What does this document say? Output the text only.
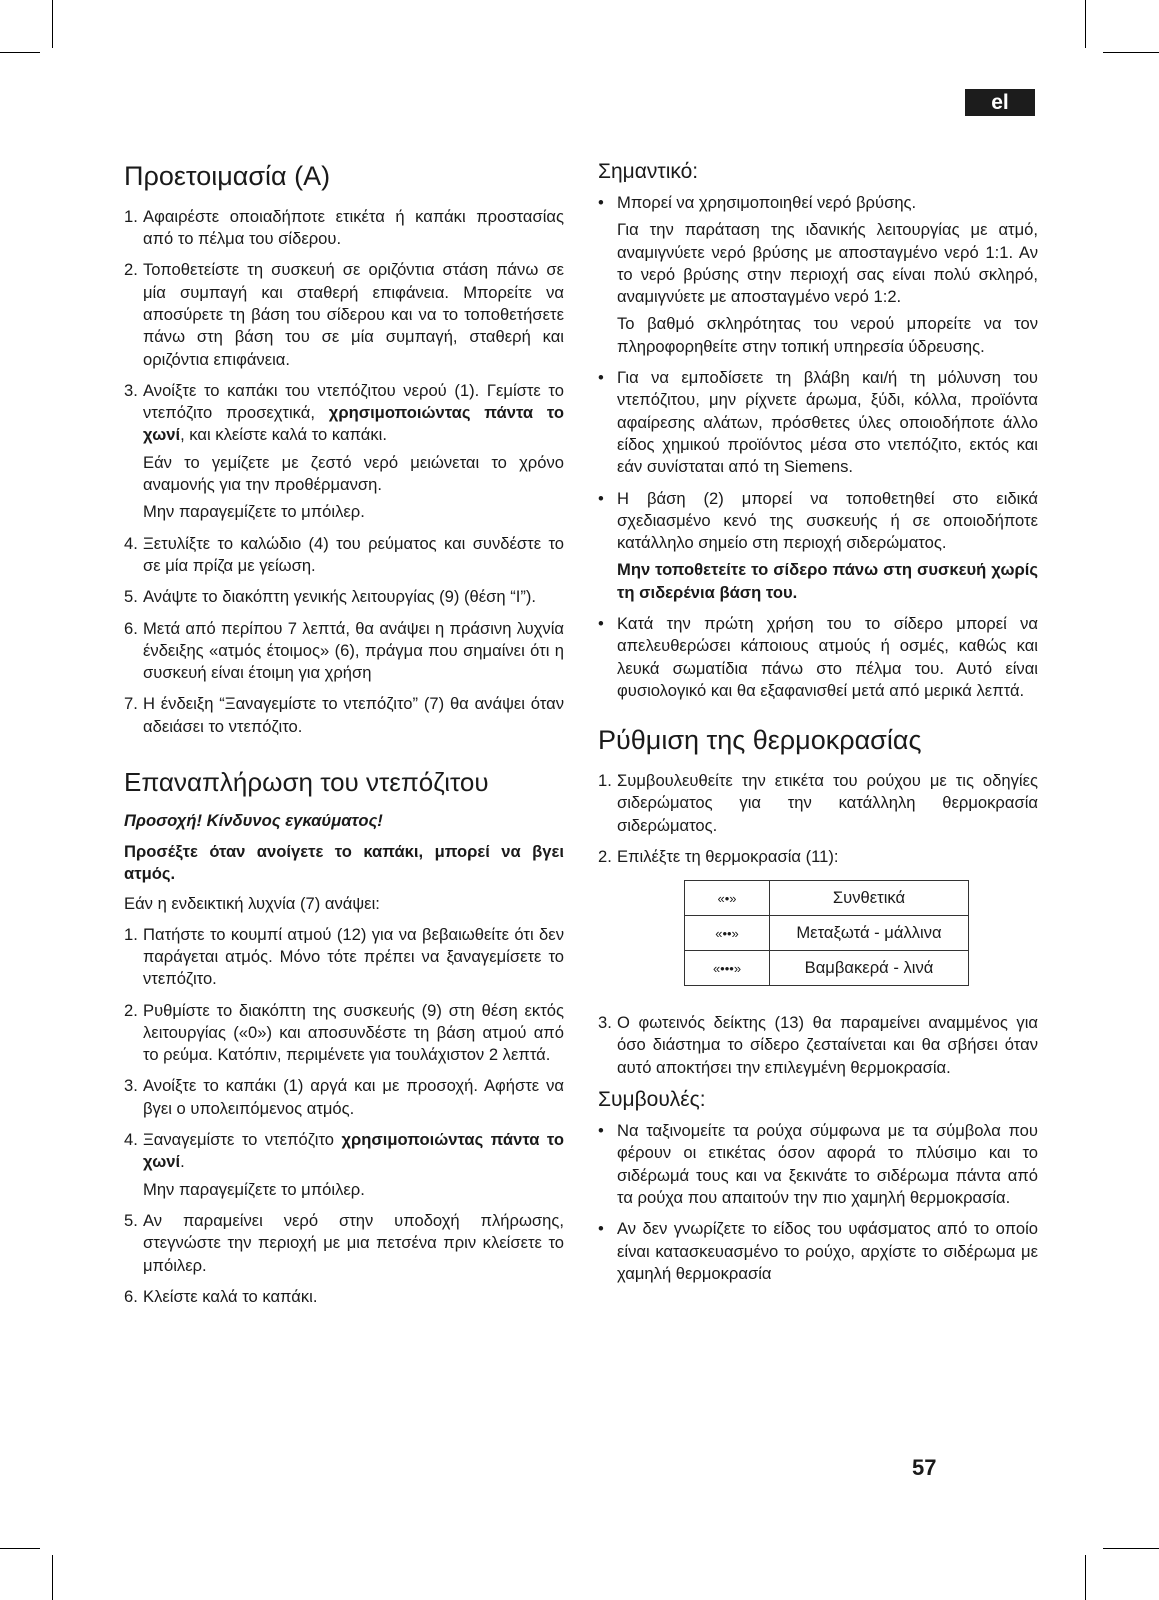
el
Προετοιμασία (A)
1. Αφαιρέστε οποιαδήποτε ετικέτα ή καπάκι προστασίας από το πέλμα του σίδερου.

2. Τοποθετείστε τη συσκευή σε οριζόντια στάση πάνω σε μία συμπαγή και σταθερή επιφάνεια. Μπορείτε να αποσύρετε τη βάση του σίδερου και να το τοποθετήσετε πάνω στη βάση του σε μία συμπαγή, σταθερή και οριζόντια επιφάνεια.

3. Ανοίξτε το καπάκι του ντεπόζιτου νερού (1). Γεμίστε το ντεπόζιτο προσεχτικά, χρησιμοποιώντας πάντα το χωνί, και κλείστε καλά το καπάκι.

Εάν το γεμίζετε με ζεστό νερό μειώνεται το χρόνο αναμονής για την προθέρμανση.

Μην παραγεμίζετε το μπόιλερ.

4. Ξετυλίξτε το καλώδιο (4) του ρεύματος και συνδέστε το σε μία πρίζα με γείωση.

5. Ανάψτε το διακόπτη γενικής λειτουργίας (9) (θέση “I”).

6. Μετά από περίπου 7 λεπτά, θα ανάψει η πράσινη λυχνία ένδειξης «ατμός έτοιμος» (6), πράγμα που σημαίνει ότι η συσκευή είναι έτοιμη για χρήση

7. Η ένδειξη “Ξαναγεμίστε το ντεπόζιτο” (7) θα ανάψει όταν αδειάσει το ντεπόζιτο.

Επαναπλήρωση του ντεπόζιτου

Προσοχή! Κίνδυνος εγκαύματος!

Προσέξτε όταν ανοίγετε το καπάκι, μπορεί να βγει ατμός.

Εάν η ενδεικτική λυχνία (7) ανάψει:

1. Πατήστε το κουμπί ατμού (12) για να βεβαιωθείτε ότι δεν παράγεται ατμός. Μόνο τότε πρέπει να ξαναγεμίσετε το ντεπόζιτο.

2. Ρυθμίστε το διακόπτη της συσκευής (9) στη θέση εκτός λειτουργίας («0») και αποσυνδέστε τη βάση ατμού από το ρεύμα. Κατόπιν, περιμένετε για τουλάχιστον 2 λεπτά.

3. Ανοίξτε το καπάκι (1) αργά και με προσοχή. Αφήστε να βγει ο υπολειπόμενος ατμός.

4. Ξαναγεμίστε το ντεπόζιτο χρησιμοποιώντας πάντα το χωνί.

Μην παραγεμίζετε το μπόιλερ.

5. Αν παραμείνει νερό στην υποδοχή πλήρωσης, στεγνώστε την περιοχή με μια πετσένα πριν κλείσετε το μπόιλερ.

6. Κλείστε καλά το καπάκι.

Σημαντικό:
• Μπορεί να χρησιμοποιηθεί νερό βρύσης.

Για την παράταση της ιδανικής λειτουργίας με ατμό, αναμιγνύετε νερό βρύσης με αποσταγμένο νερό 1:1. Αν το νερό βρύσης στην περιοχή σας είναι πολύ σκληρό, αναμιγνύετε με αποσταγμένο νερό 1:2.

Το βαθμό σκληρότητας του νερού μπορείτε να τον πληροφορηθείτε στην τοπική υπηρεσία ύδρευσης.

• Για να εμποδίσετε τη βλάβη και/ή τη μόλυνση του ντεπόζιτου, μην ρίχνετε άρωμα, ξύδι, κόλλα, προϊόντα αφαίρεσης αλάτων, πρόσθετες ύλες οποιοδήποτε άλλο είδος χημικού προϊόντος μέσα στο ντεπόζιτο, εκτός και εάν συνίσταται από τη Siemens.

• Η βάση (2) μπορεί να τοποθετηθεί στο ειδικά σχεδιασμένο κενό της συσκευής ή σε οποιοδήποτε κατάλληλο σημείο στη περιοχή σιδερώματος.

Μην τοποθετείτε το σίδερο πάνω στη συσκευή χωρίς τη σιδερένια βάση του.

• Κατά την πρώτη χρήση του το σίδερο μπορεί να απελευθερώσει κάποιους ατμούς ή οσμές, καθώς και λευκά σωματίδια πάνω στο πέλμα του. Αυτό είναι φυσιολογικό και θα εξαφανισθεί μετά από μερικά λεπτά.

Ρύθμιση της θερμοκρασίας
1. Συμβουλευθείτε την ετικέτα του ρούχου με τις οδηγίες σιδερώματος για την κατάλληλη θερμοκρασία σιδερώματος.

2. Επιλέξτε τη θερμοκρασία (11):

«•»	Συνθετικά
«••»	Μεταξωτά - μάλλινα
«•••»	Βαμβακερά - λινά
3. Ο φωτεινός δείκτης (13) θα παραμείνει αναμμένος για όσο διάστημα το σίδερο ζεσταίνεται και θα σβήσει όταν αυτό αποκτήσει την επιλεγμένη θερμοκρασία.

Συμβουλές:
• Να ταξινομείτε τα ρούχα σύμφωνα με τα σύμβολα που φέρουν οι ετικέτας όσον αφορά το πλύσιμο και το σιδέρωμά τους και να ξεκινάτε το σιδέρωμα πάντα από τα ρούχα που απαιτούν την πιο χαμηλή θερμοκρασία.

• Αν δεν γνωρίζετε το είδος του υφάσματος από το οποίο είναι κατασκευασμένο το ρούχο, αρχίστε το σιδέρωμα με χαμηλή θερμοκρασία

57
